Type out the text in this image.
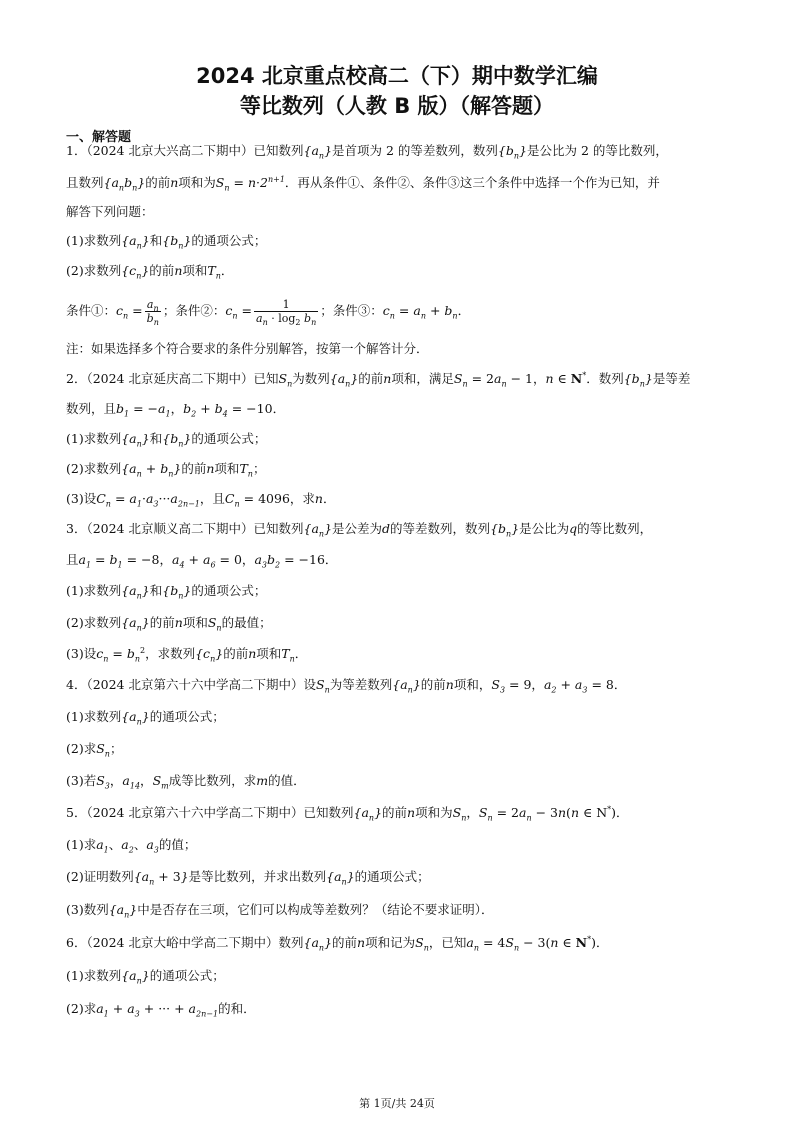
2024 北京重点校高二（下）期中数学汇编
等比数列（人教 B 版）（解答题）
一、解答题
1．（2024 北京大兴高二下期中）已知数列$\{a_n\}$是首项为 2 的等差数列，数列$\{b_n\}$是公比为 2 的等比数列，
且数列$\{a_nb_n\}$的前n项和为$S_n = n\cdot 2^{n+1}$．再从条件①、条件②、条件③这三个条件中选择一个作为已知，并
解答下列问题：
(1)求数列$\{a_n\}$和$\{b_n\}$的通项公式；
(2)求数列$\{c_n\}$的前n项和$T_n$．
条件①：$c_n = \frac{a_n}{b_n}$ ；条件②：$c_n = \frac{1}{a_n \cdot \log_2 b_n}$ ；条件③：$c_n = a_n + b_n$．
注：如果选择多个符合要求的条件分别解答，按第一个解答计分．
2．（2024 北京延庆高二下期中）已知$S_n$为数列$\{a_n\}$的前n项和，满足$S_n = 2a_n - 1$，n ∈ N*．数列$\{b_n\}$是等差
数列，且$b_1 = -a_1$，$b_2 + b_4 = -10$．
(1)求数列$\{a_n\}$和$\{b_n\}$的通项公式；
(2)求数列$\{a_n + b_n\}$的前n项和$T_n$；
(3)设$C_n = a_1\cdot a_3\cdot\cdot\cdot a_{2n-1}$，且$C_n = 4096$，求n．
3．（2024 北京顺义高二下期中）已知数列$\{a_n\}$是公差为d的等差数列，数列$\{b_n\}$是公比为q的等比数列，
且$a_1 = b_1 = -8$，$a_4 + a_6 = 0$，$a_3b_2 = -16$．
(1)求数列$\{a_n\}$和$\{b_n\}$的通项公式；
(2)求数列$\{a_n\}$的前n项和$S_n$的最值；
(3)设$c_n = b_n^2$，求数列$\{c_n\}$的前n项和$T_n$．
4．（2024 北京第六十六中学高二下期中）设$S_n$为等差数列$\{a_n\}$的前n项和，$S_3 = 9$，$a_2 + a_3 = 8$．
(1)求数列$\{a_n\}$的通项公式；
(2)求$S_n$；
(3)若$S_3$，$a_{14}$，$S_m$成等比数列，求m的值．
5．（2024 北京第六十六中学高二下期中）已知数列$\{a_n\}$的前n项和为$S_n$，$S_n = 2a_n - 3n(n$ ∈ N*)．
(1)求$a_1$、$a_2$、$a_3$的值；
(2)证明数列$\{a_n + 3\}$是等比数列，并求出数列$\{a_n\}$的通项公式；
(3)数列$\{a_n\}$中是否存在三项，它们可以构成等差数列？（结论不要求证明）．
6．（2024 北京大峪中学高二下期中）数列$\{a_n\}$的前n项和记为$S_n$，已知$a_n = 4S_n - 3(n$ ∈ N*)．
(1)求数列$\{a_n\}$的通项公式；
(2)求$a_1 + a_3$ + ··· + $a_{2n-1}$的和．
第 1页/共 24页
